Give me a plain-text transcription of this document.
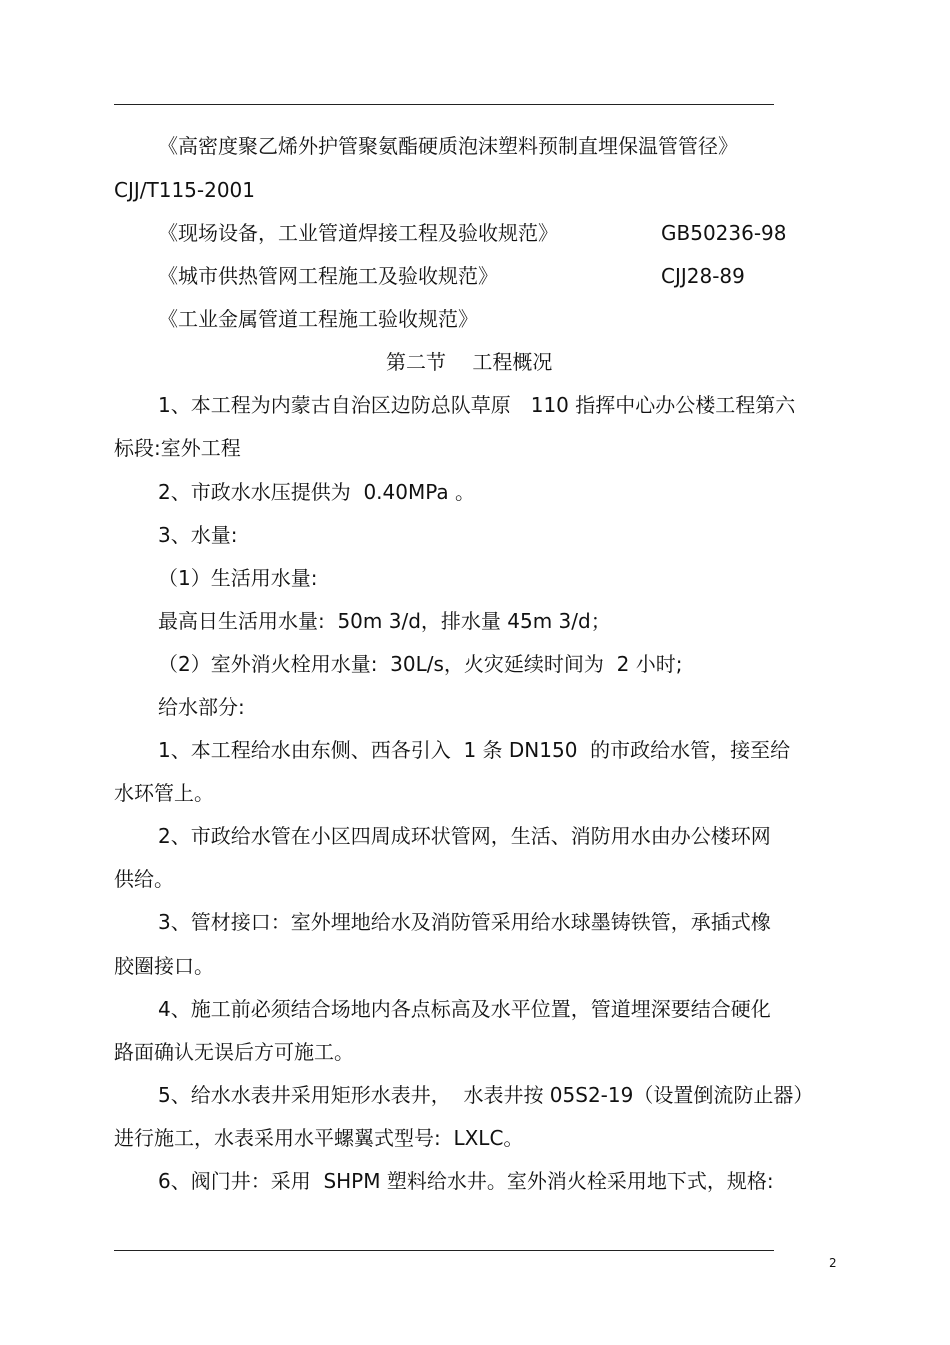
《高密度聚乙烯外护管聚氨酯硬质泡沫塑料预制直埋保温管管径》
CJJ/T115-2001
《现场设备，工业管道焊接工程及验收规范》	GB50236-98
《城市供热管网工程施工及验收规范》	CJJ28-89
《工业金属管道工程施工验收规范》
第二节　 工程概况
1、本工程为内蒙古自治区边防总队草原　110 指挥中心办公楼工程第六
标段:室外工程
2、市政水水压提供为  0.40MPa 。
3、水量:
（1）生活用水量:
最高日生活用水量:  50m 3/d，排水量 45m 3/d；
（2）室外消火栓用水量:  30L/s，火灾延续时间为  2 小时;
给水部分:
1、本工程给水由东侧、西各引入  1 条 DN150  的市政给水管，接至给
水环管上。
2、市政给水管在小区四周成环状管网，生活、消防用水由办公楼环网
供给。
3、管材接口：室外埋地给水及消防管采用给水球墨铸铁管，承插式橡
胶圈接口。
4、施工前必须结合场地内各点标高及水平位置，管道埋深要结合硬化
路面确认无误后方可施工。
5、给水水表井采用矩形水表井，  水表井按 05S2-19（设置倒流防止器）
进行施工，水表采用水平螺翼式型号:  LXLC。
6、阀门井：采用  SHPM 塑料给水井。室外消火栓采用地下式，规格:
2
